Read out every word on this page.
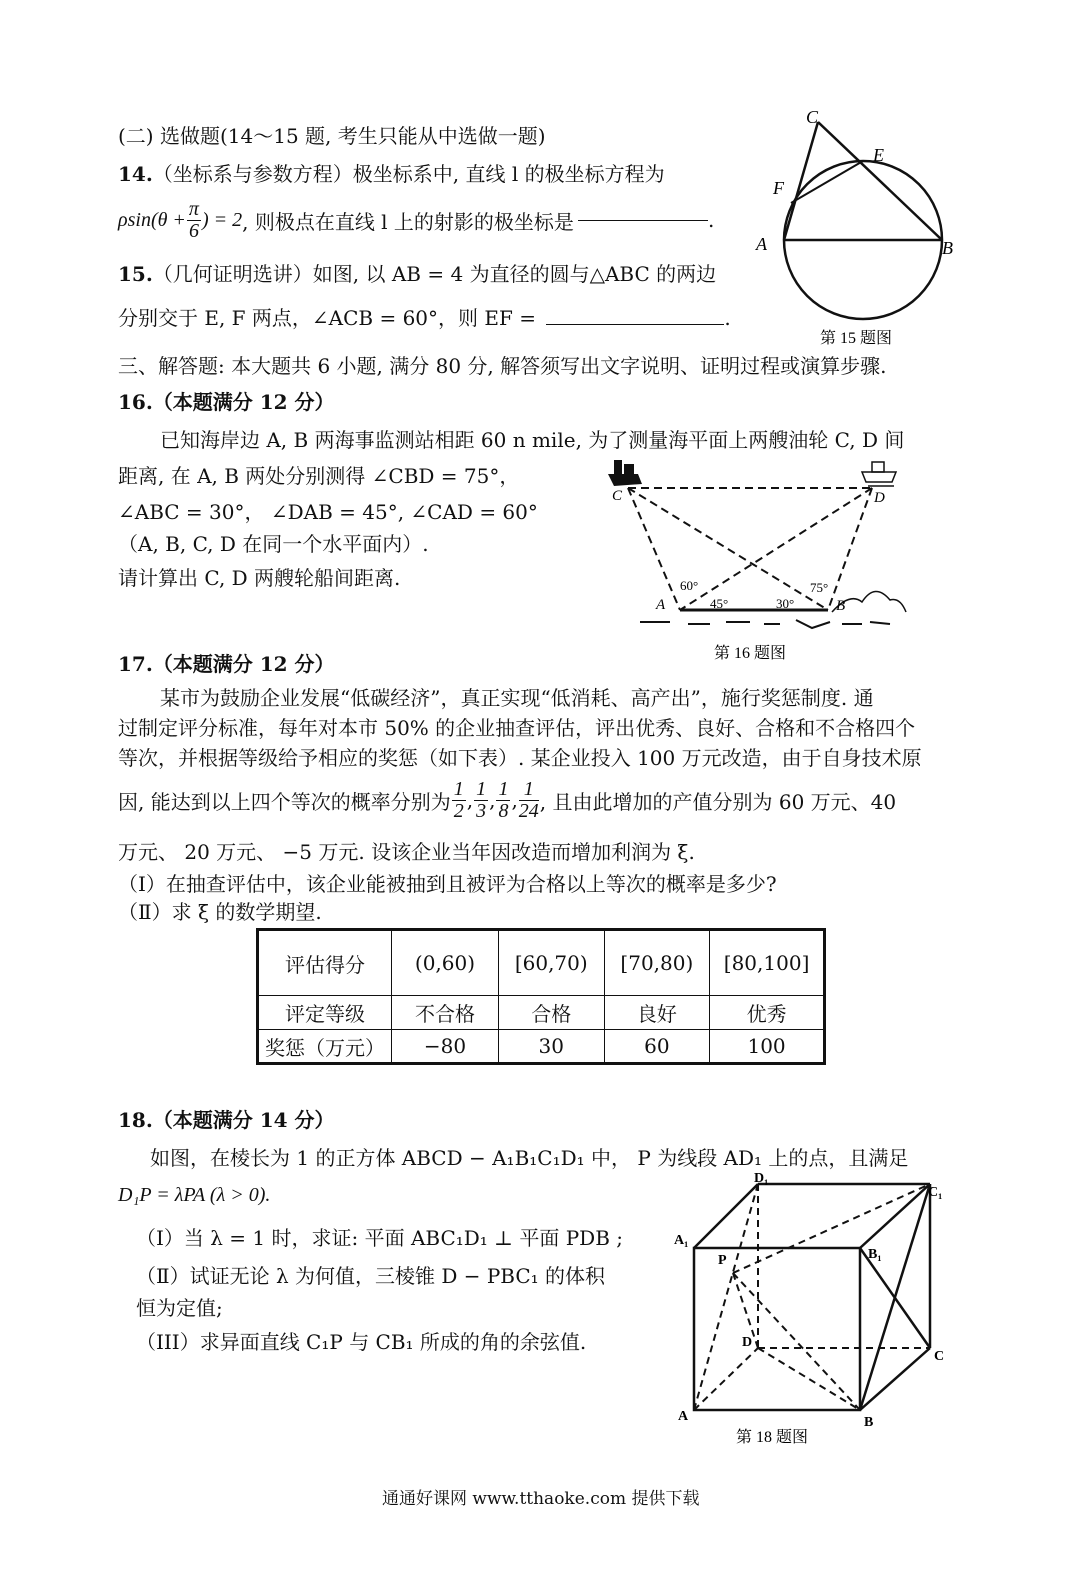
(二) 选做题(14～15 题, 考生只能从中选做一题)
14.（坐标系与参数方程）极坐标系中, 直线 l 的极坐标方程为
$\rho\sin(\theta + \frac{\pi}{6}$ ) = 2 , 则极点在直线 l 上的射影的极坐标是	.
15.（几何证明选讲）如图, 以 AB = 4 为直径的圆与△ABC 的两边
分别交于 E, F 两点，∠ACB = 60°，则 EF =	.
C
E
F
A	B
第 15 题图
三、解答题: 本大题共 6 小题, 满分 80 分, 解答须写出文字说明、证明过程或演算步骤.
16.（本题满分 12 分）
已知海岸边 A, B 两海事监测站相距 60 n mile, 为了测量海平面上两艘油轮 C, D 间
距离, 在 A, B 两处分别测得 ∠CBD = 75°，
∠ABC = 30°， ∠DAB = 45°, ∠CAD = 60°
（A, B, C, D 在同一个水平面内）.
请计算出 C, D 两艘轮船间距离.
C	D
A	B
60°
45°	30°
75°
第 16 题图
17.（本题满分 12 分）
某市为鼓励企业发展“低碳经济”，真正实现“低消耗、高产出”，施行奖惩制度. 通
过制定评分标准，每年对本市 50% 的企业抽查评估，评出优秀、良好、合格和不合格四个
等次，并根据等级给予相应的奖惩（如下表）. 某企业投入 100 万元改造，由于自身技术原
因, 能达到以上四个等次的概率分别为 $\frac{1}{2}$ , $\frac{1}{3}$ , $\frac{1}{8}$ , $\frac{1}{24}$ , 且由此增加的产值分别为 60 万元、40
万元、 20 万元、 −5 万元. 设该企业当年因改造而增加利润为 ξ.
（Ⅰ）在抽查评估中，该企业能被抽到且被评为合格以上等次的概率是多少?
（Ⅱ）求 ξ 的数学期望.
评估得分	(0,60)	[60,70)	[70,80)	[80,100]
评定等级	不合格	合格	良好	优秀
奖惩（万元）	−80	30	60	100
18.（本题满分 14 分）
如图，在棱长为 1 的正方体 ABCD − A₁B₁C₁D₁ 中， P 为线段 AD₁ 上的点，且满足
D₁P = λPA (λ > 0).
（Ⅰ）当 λ = 1 时，求证: 平面 ABC₁D₁ ⊥ 平面 PDB ;
（Ⅱ）试证无论 λ 为何值，三棱锥 D − PBC₁ 的体积
恒为定值;
（III）求异面直线 C₁P 与 CB₁ 所成的角的余弦值.
D₁
C₁
A₁
B₁
P
D
C
A	B
第 18 题图
通通好课网 www.tthaoke.com 提供下载
